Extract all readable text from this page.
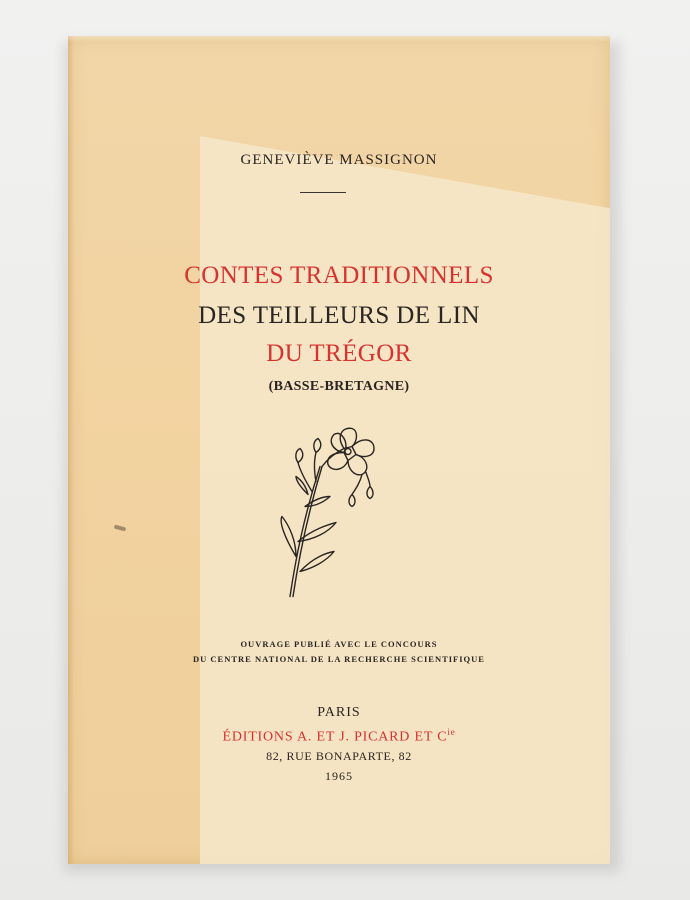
GENEVIÈVE MASSIGNON
CONTES TRADITIONNELS
DES TEILLEURS DE LIN
DU TRÉGOR
(BASSE-BRETAGNE)
OUVRAGE PUBLIÉ AVEC LE CONCOURS
DU CENTRE NATIONAL DE LA RECHERCHE SCIENTIFIQUE
PARIS
ÉDITIONS A. ET J. PICARD ET $C^{ie}$
82, RUE BONAPARTE, 82
1965
